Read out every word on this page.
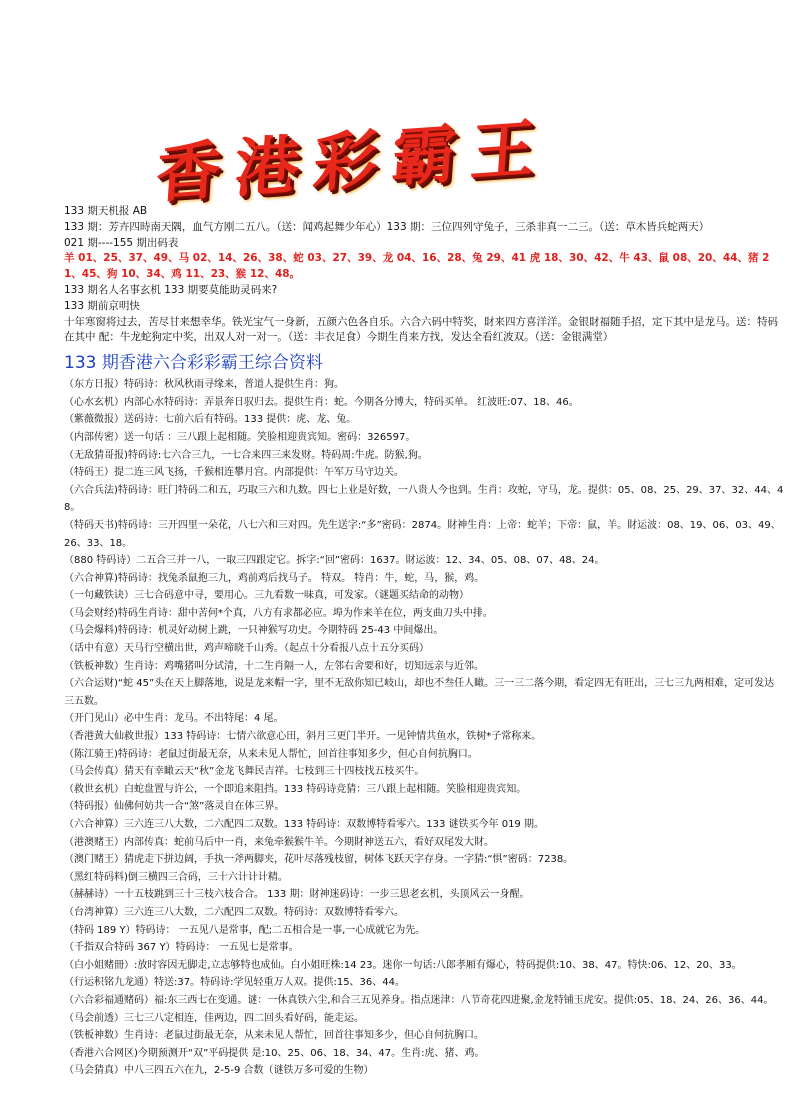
香港彩霸王

133 期天机报 AB

133 期：芳卉四時南天隅，血气方刚二五八。（送：闻鸡起舞少年心）133 期：三位四列守兔子，三杀非真一二三。（送：草木皆兵蛇两天）

021 期----155 期出码表

羊 01、25、37、49、马 02、14、26、38、蛇 03、27、39、龙 04、16、28、兔 29、41 虎 18、30、42、牛 43、鼠 08、20、44、猪 21、45、狗 10、34、鸡 11、23、猴 12、48。

133 期名人名事玄机 133 期要莫能助灵码来?

133 期前京明快

十年寒窗将过去，苦尽甘来想幸华。铁光宝气一身新，五颜六色各自乐。六合六码中特奖，財来四方喜洋洋。金银財福随手招，定下其中是龙马。送：特码在其中 配：牛龙蛇狗定中奖，出双人对一对一。（送：丰衣足食）今期生肖来方找，发达全看红波双。（送：金银满堂）

133 期香港六合彩彩霸王综合资料

（东方日报）特码诗：秋风秋雨寻缘来，普道人提供生肖：狗。

（心水玄机）内部心水特码诗：弄景奔日驭归去。提供生肖：蛇。今期各分博大，特码买单。 红波旺:07、18、46。

（紫薇微报）送码诗：七前六后有特码。133 提供：虎、龙、兔。

（内部传密）送一句话 ：三八跟上起相随。笑脸相迎贵宾知。密码：326597。

（无敌猜哥报)特码诗:七六合三九，一七合来四三来发财。特码周:牛虎。防猴,狗。

（特码王）提二连三风飞扬，千猴相连攀月宫。内部提供：午军万马守边关。

（六合兵法)特码诗：旺门特码二和五，巧取三六和九数。四七上业是好数，一八贵人今也到。生肖：攻蛇，守马，龙。提供：05、08、25、29、37、32、44、48。

（特码天书)特码诗：三开四里一朵花，八七六和三对四。先生送字:“多”密码：2874。財神生肖：上帝：蛇羊；下帝：鼠，羊。財运波：08、19、06、03、49、26、33、18。

（880 特码诗）二五合三并一八，一取三四跟定它。拆字:“回”密码：1637。財运波：12、34、05、08、07、48、24。

（六合神算)特码诗：找兔杀鼠抱三九，鸡前鸡后找马子。 特双。 特肖：牛，蛇，马，猴，鸡。

（一句藏铁诀）三七合码意中寻，要用心。三九看数一味真，可发家。（谜题买结命的动物）

（马会财经)特码生肖诗：甜中苦何*个真，八方有求都必应。埠为作来羊在位，两支曲刀头中排。

（马会爆料)特码诗：机灵好动树上跳，一只神猴写功史。今期特码 25-43 中间爆出。

（话中有意）天马行空横出世，鸡声啼晓千山秀。（起点十分看报八点十五分买码）

（铁板神数）生肖诗：鸡嘴猪叫分试清，十二生肖隔一人，左邻右舍要和好，切知远亲与近邻。

（六合运财)“蛇 45”头在天上脚落地，说是龙来帽一字，里不无敌你知已岐山，却也不叁任人瞰。三一三二落今期，看定四无有旺出，三七三九两相难，定可发达三五数。

（开门见山）必中生肖：龙马。不出特尾：4 尾。

（香港黄大仙救世报）133 特码诗：七情六欲意心田，斜月三更门半开。一见钟情共鱼水，铁树*子常称来。

（陈江骑王)特码诗：老鼠过街最无奈，从来未见人帮忙，回首往事知多少，但心自何抗胸口。

（马会传真）猜天有幸瞰云天“秋”金龙飞舞民吉祥。七枝到三十四枝找五枝买牛。

（救世玄机）白蛇盘置与许公，一个即追来阻挡。133 特码诗竞猜：三八跟上起相随。笑脸相迎贵宾知。

（特码报）仙佛何妨共一合“煞”落灵自在体三界。

（六合神算）三六连三八大数，二六配四二双数。133 特码诗：双数博特看零六。133 谜铁买今年 019 期。

（港澳赌王）内部传真：蛇前马后中一肖，来兔牵猴猴牛羊。今期財神送五六，看好双尾发大財。

（澳门赌王）猜虎走下拼边阔，手执一斧两脚夹，花叶尽落残枝留，树体飞跃天字存身。一字猜:“惧”密码：7238。

（黑红特码料)倒三横四三合码，三十六计计计精。

（赫赫诗）一十五枝跳到三十三枝六枝合合。 133 期：財神迷码诗：一步三思老玄机，头顶风云一身醒。

（台湾神算）三六连三八大数，二六配四二双数。特码诗：双数博特看零六。

（特码 189 Y）特码诗： 一五见八是常事，配;二五相合是一事,一心成就它为先。

（千指双合特码 367 Y）特码诗： 一五见七是常事。

（白小姐赌冊）:放时容因无脚走,立志够特也成仙。白小姐旺株:14 23。迷你一句话:八郎孝厢有爆心，特码提供:10、38、47。特快:06、12、20、33。

（行运积铭九龙通）特送:37。特码诗:学见轻重万人双。提供:15、36、44。

（六合彩福通赌码）福:东三西七在变通。谜：一休真铁六尘,和合三五见养身。指点迷津：八节奇花四进聚,金龙特铺玉虎安。提供:05、18、24、26、36、44。

（马会前透）三七三八定相连，佳两边，四二回头看好码，能走运。

（铁板神数）生肖诗：老鼠过街最无奈，从来未见人帮忙，回首往事知多少，但心自何抗胸口。

（香港六合网区)今期预测开“双”平码提供 是:10、25、06、18、34、47。生肖:虎、猪、鸡。

（马会猜真）中八三四五六在九，2-5-9 合数（谜铁万多可爱的生物）
